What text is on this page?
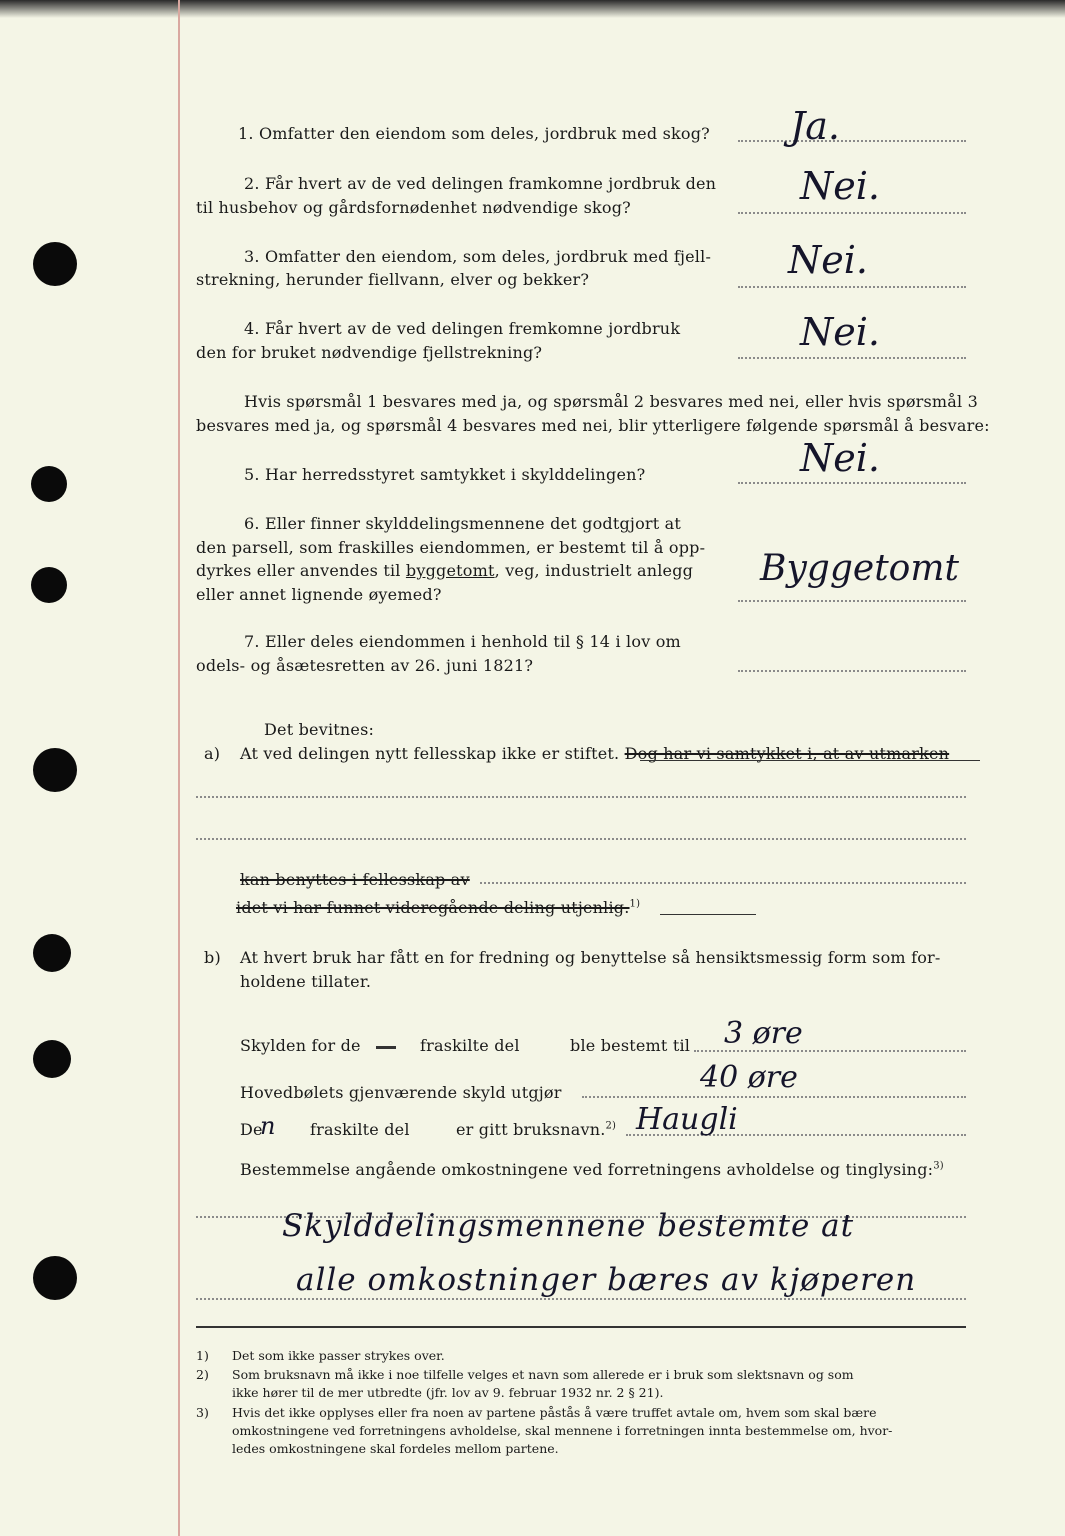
1. Omfatter den eiendom som deles, jordbruk med skog? Ja.
2. Får hvert av de ved delingen framkomne jordbruk den
til husbehov og gårdsfornødenhet nødvendige skog?	Nei.
3. Omfatter den eiendom, som deles, jordbruk med fjell-
strekning, herunder fiellvann, elver og bekker?	Nei.
4. Får hvert av de ved delingen fremkomne jordbruk
den for bruket nødvendige fjellstrekning?	Nei.
Hvis spørsmål 1 besvares med ja, og spørsmål 2 besvares med nei, eller hvis spørsmål 3
besvares med ja, og spørsmål 4 besvares med nei, blir ytterligere følgende spørsmål å besvare:
5. Har herredsstyret samtykket i skylddelingen?	Nei.
6. Eller finner skylddelingsmennene det godtgjort at
den parsell, som fraskilles eiendommen, er bestemt til å opp-
dyrkes eller anvendes til byggetomt, veg, industrielt anlegg
eller annet lignende øyemed?
Byggetomt
7. Eller deles eiendommen i henhold til § 14 i lov om
odels- og åsætesretten av 26. juni 1821?
Det bevitnes:
a) At ved delingen nytt fellesskap ikke er stiftet. Dog har vi samtykket i, at av utmarken
kan benyttes i fellesskap av
idet vi har funnet videregående deling utjenlig.$^{1)}$
b) At hvert bruk har fått en for fredning og benyttelse så hensiktsmessig form som for-
holdene tillater.
Skylden for de	fraskilte del	ble bestemt til 3 øre
Hovedbølets gjenværende skyld utgjør	40 øre
De
n fraskilte del	er gitt bruksnavn.$^{2)}$ Haugli
Bestemmelse angående omkostningene ved forretningens avholdelse og tinglysing:$^{3)}$
Skylddelingsmennene bestemte at
alle omkostninger bæres av kjøperen
1) Det som ikke passer strykes over.
2) Som bruksnavn må ikke i noe tilfelle velges et navn som allerede er i bruk som slektsnavn og som
ikke hører til de mer utbredte (jfr. lov av 9. februar 1932 nr. 2 § 21).
3) Hvis det ikke opplyses eller fra noen av partene påstås å være truffet avtale om, hvem som skal bære
omkostningene ved forretningens avholdelse, skal mennene i forretningen innta bestemmelse om, hvor-
ledes omkostningene skal fordeles mellom partene.
